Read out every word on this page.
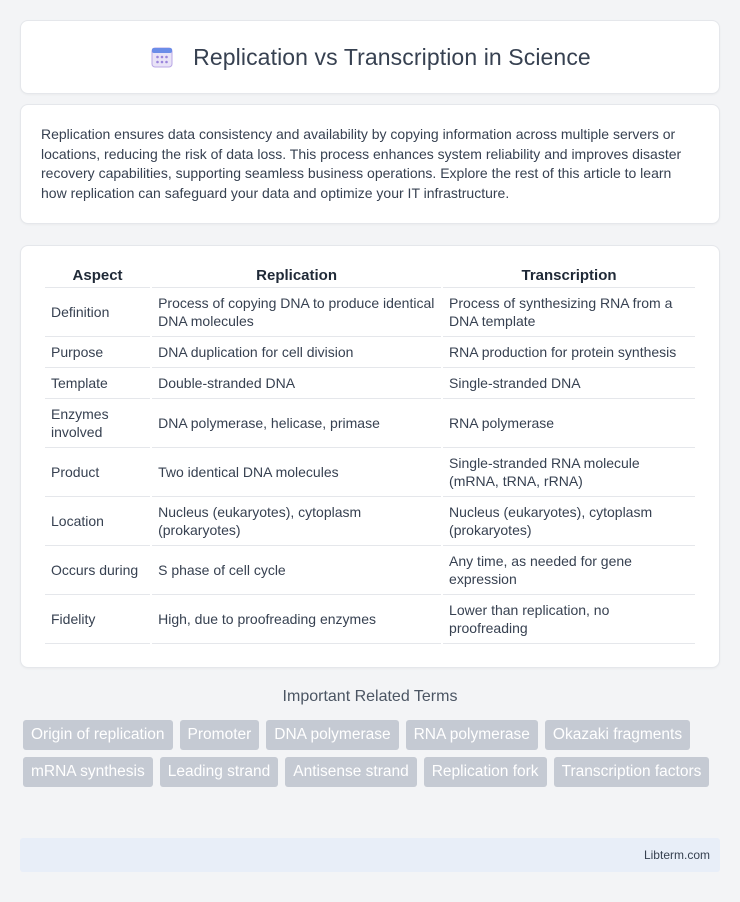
Replication vs Transcription in Science

Replication ensures data consistency and availability by copying information across multiple servers or locations, reducing the risk of data loss. This process enhances system reliability and improves disaster recovery capabilities, supporting seamless business operations. Explore the rest of this article to learn how replication can safeguard your data and optimize your IT infrastructure.

Aspect	Replication	Transcription
Definition	Process of copying DNA to produce identical DNA molecules	Process of synthesizing RNA from a DNA template
Purpose	DNA duplication for cell division	RNA production for protein synthesis
Template	Double-stranded DNA	Single-stranded DNA
Enzymes involved	DNA polymerase, helicase, primase	RNA polymerase
Product	Two identical DNA molecules	Single-stranded RNA molecule (mRNA, tRNA, rRNA)
Location	Nucleus (eukaryotes), cytoplasm (prokaryotes)	Nucleus (eukaryotes), cytoplasm (prokaryotes)
Occurs during	S phase of cell cycle	Any time, as needed for gene expression
Fidelity	High, due to proofreading enzymes	Lower than replication, no proofreading
Important Related Terms
Origin of replication	Promoter	DNA polymerase	RNA polymerase	Okazaki fragments
mRNA synthesis	Leading strand	Antisense strand	Replication fork	Transcription factors
Libterm.com
